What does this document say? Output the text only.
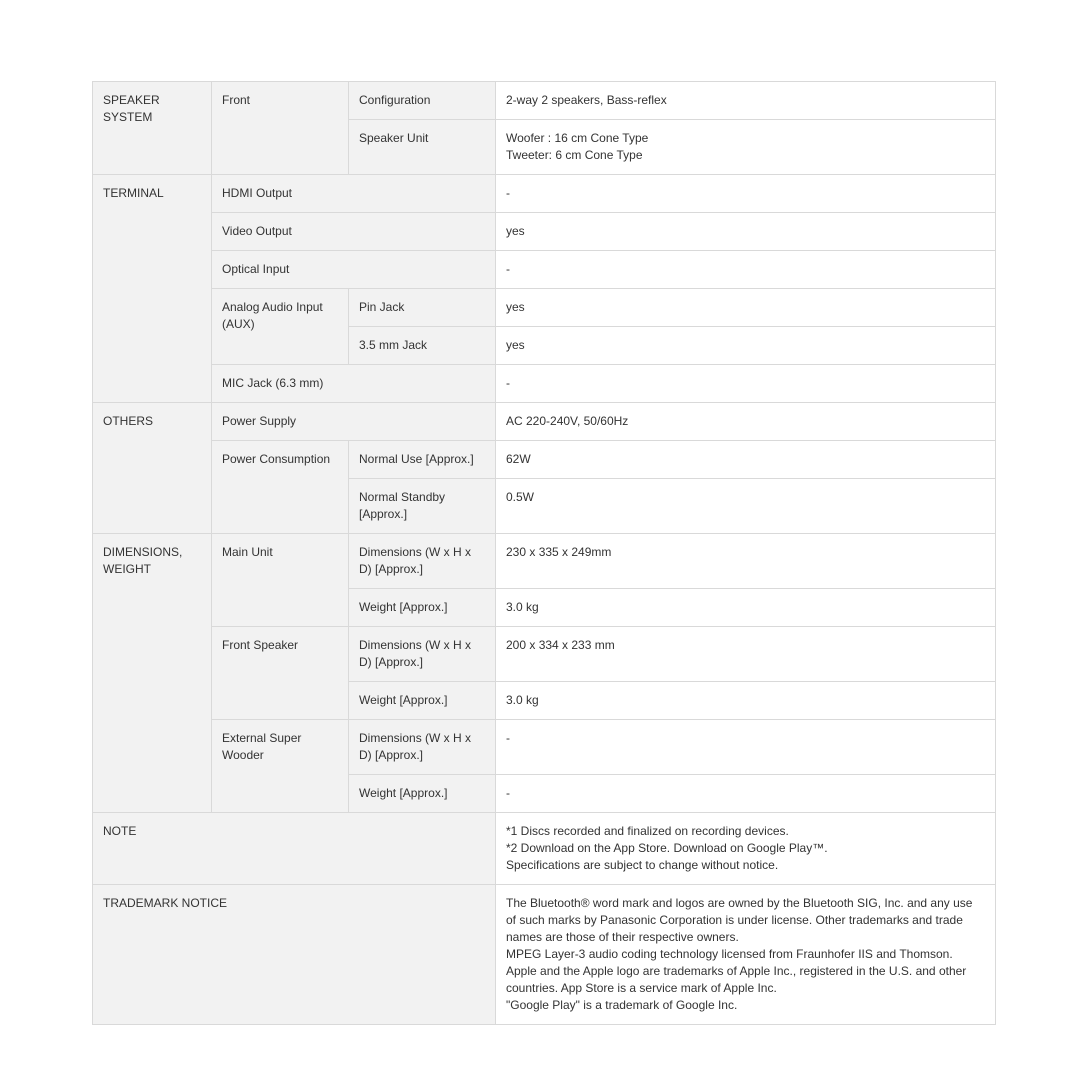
SPEAKER SYSTEM	Front	Configuration	2-way 2 speakers, Bass-reflex
		Speaker Unit	Woofer : 16 cm Cone Type
Tweeter: 6 cm Cone Type

TERMINAL	HDMI Output		-
	Video Output		yes
	Optical Input		-
	Analog Audio Input (AUX)	Pin Jack	yes
		3.5 mm Jack	yes
	MIC Jack (6.3 mm)		-
OTHERS	Power Supply		AC 220-240V, 50/60Hz
	Power Consumption	Normal Use [Approx.]	62W
		Normal Standby [Approx.]	0.5W
DIMENSIONS, WEIGHT	Main Unit	Dimensions (W x H x D) [Approx.]	230 x 335 x 249mm
		Weight [Approx.]	3.0 kg
	Front Speaker	Dimensions (W x H x D) [Approx.]	200 x 334 x 233 mm
		Weight [Approx.]	3.0 kg
	External Super Wooder	Dimensions (W x H x D) [Approx.]	-
		Weight [Approx.]	-
NOTE			*1 Discs recorded and finalized on recording devices.
*2 Download on the App Store. Download on Google Play™.
Specifications are subject to change without notice.

TRADEMARK NOTICE			The Bluetooth® word mark and logos are owned by the Bluetooth SIG, Inc. and any use of such marks by Panasonic Corporation is under license. Other trademarks and trade names are those of their respective owners.
MPEG Layer-3 audio coding technology licensed from Fraunhofer IIS and Thomson.
Apple and the Apple logo are trademarks of Apple Inc., registered in the U.S. and other countries. App Store is a service mark of Apple Inc.
"Google Play" is a trademark of Google Inc.
